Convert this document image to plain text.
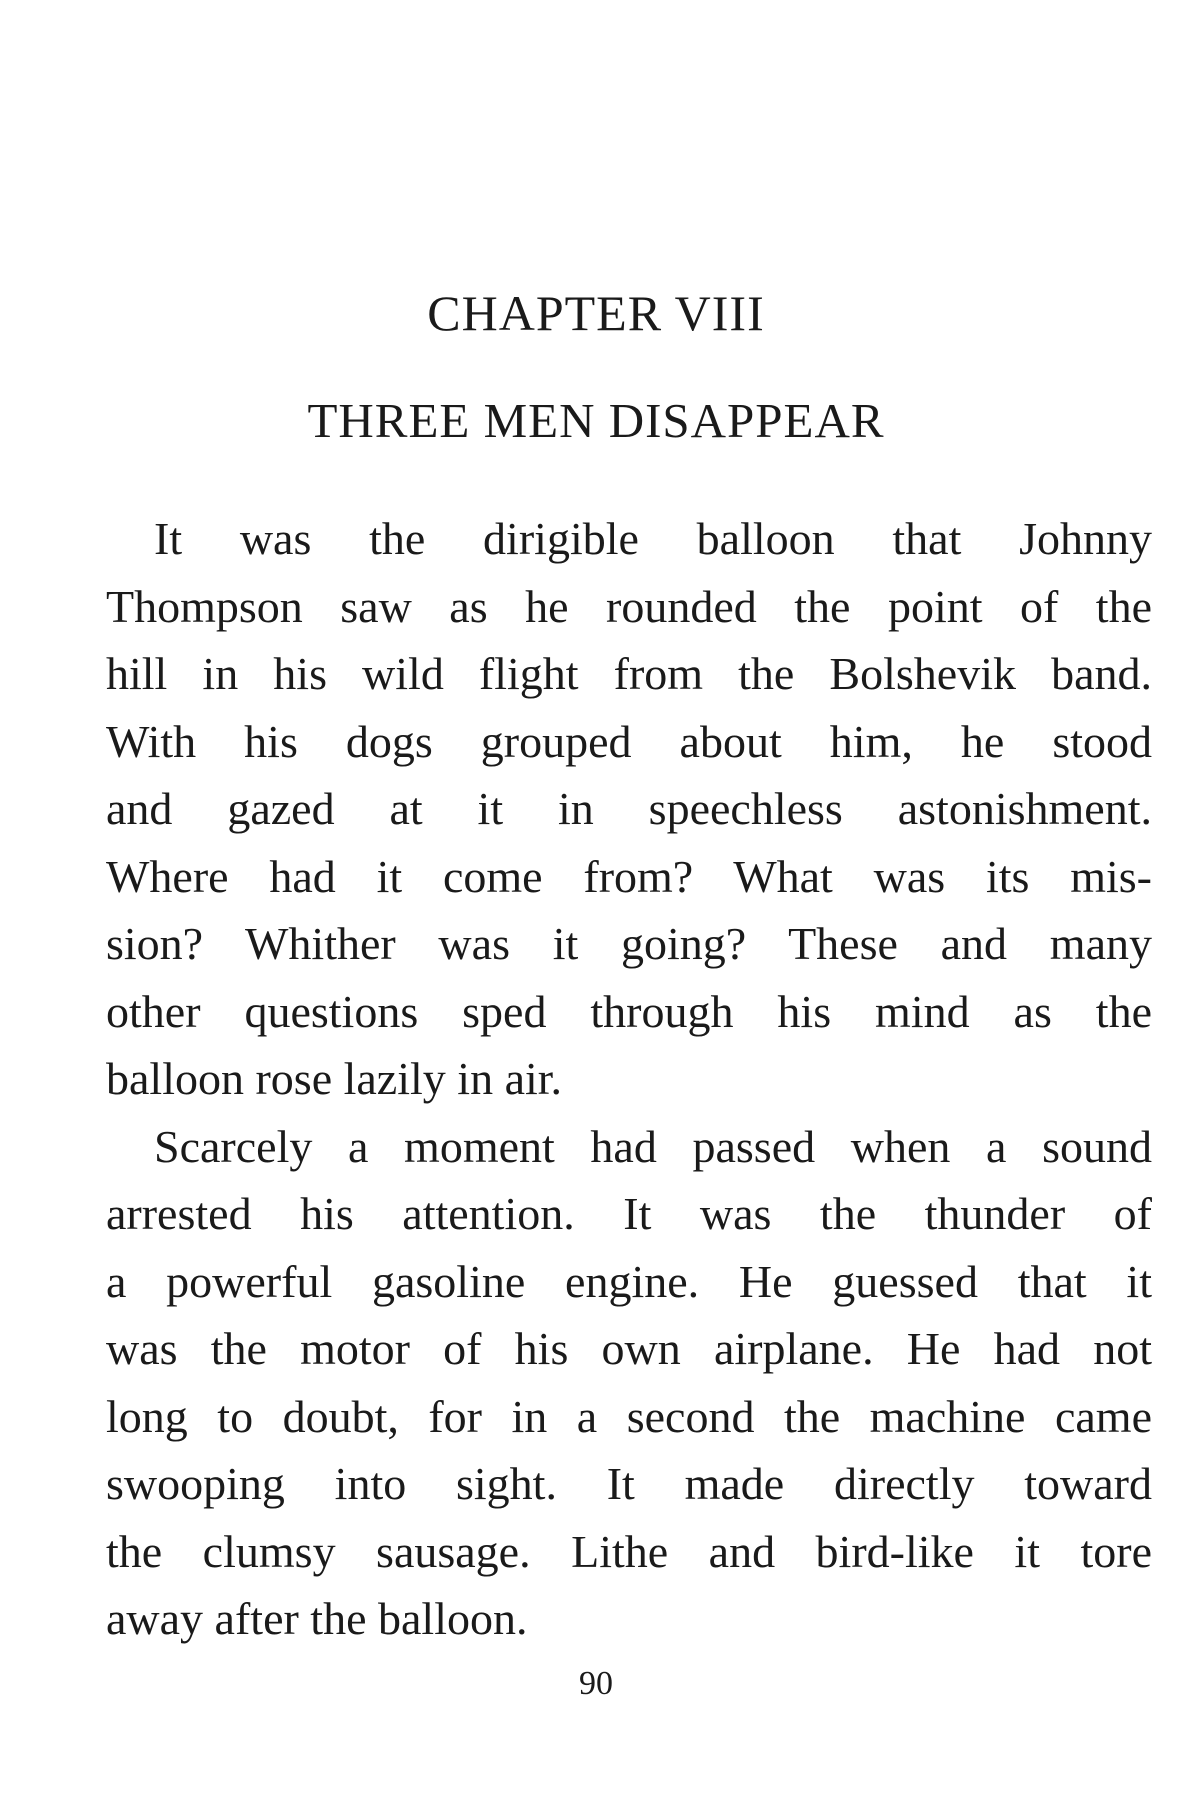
CHAPTER VIII
THREE MEN DISAPPEAR
It was the dirigible balloon that Johnny
Thompson saw as he rounded the point of the
hill in his wild flight from the Bolshevik band.
With his dogs grouped about him, he stood
and gazed at it in speechless astonishment.
Where had it come from? What was its mis-
sion? Whither was it going? These and many
other questions sped through his mind as the
balloon rose lazily in air.
Scarcely a moment had passed when a sound
arrested his attention. It was the thunder of
a powerful gasoline engine. He guessed that it
was the motor of his own airplane. He had not
long to doubt, for in a second the machine came
swooping into sight. It made directly toward
the clumsy sausage. Lithe and bird-like it tore
away after the balloon.
90
